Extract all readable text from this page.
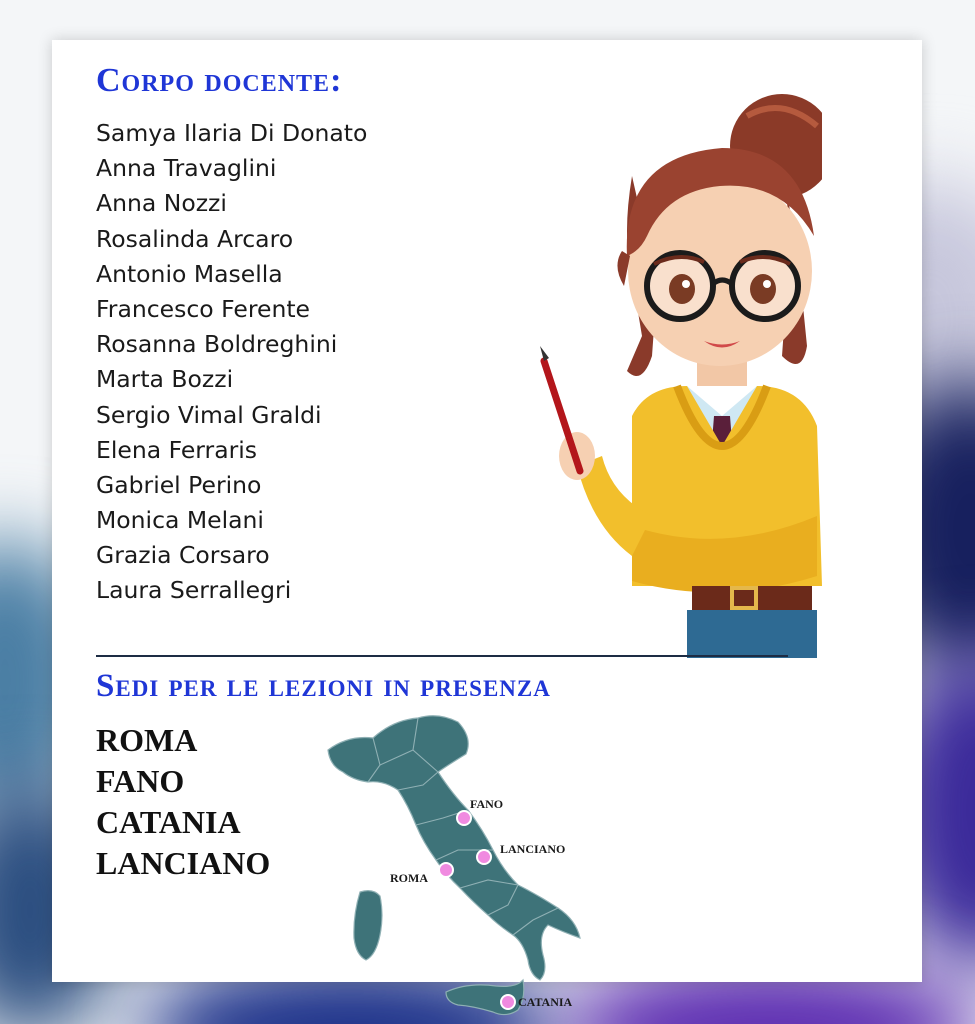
Corpo docente:
Samya Ilaria Di Donato
Anna Travaglini
Anna Nozzi
Rosalinda Arcaro
Antonio Masella
Francesco Ferente
Rosanna Boldreghini
Marta Bozzi
Sergio Vimal Graldi
Elena Ferraris
Gabriel Perino
Monica Melani
Grazia Corsaro
Laura Serrallegri
Sedi per le lezioni in presenza
ROMA
FANO
CATANIA
LANCIANO
FANO
LANCIANO
ROMA
CATANIA
